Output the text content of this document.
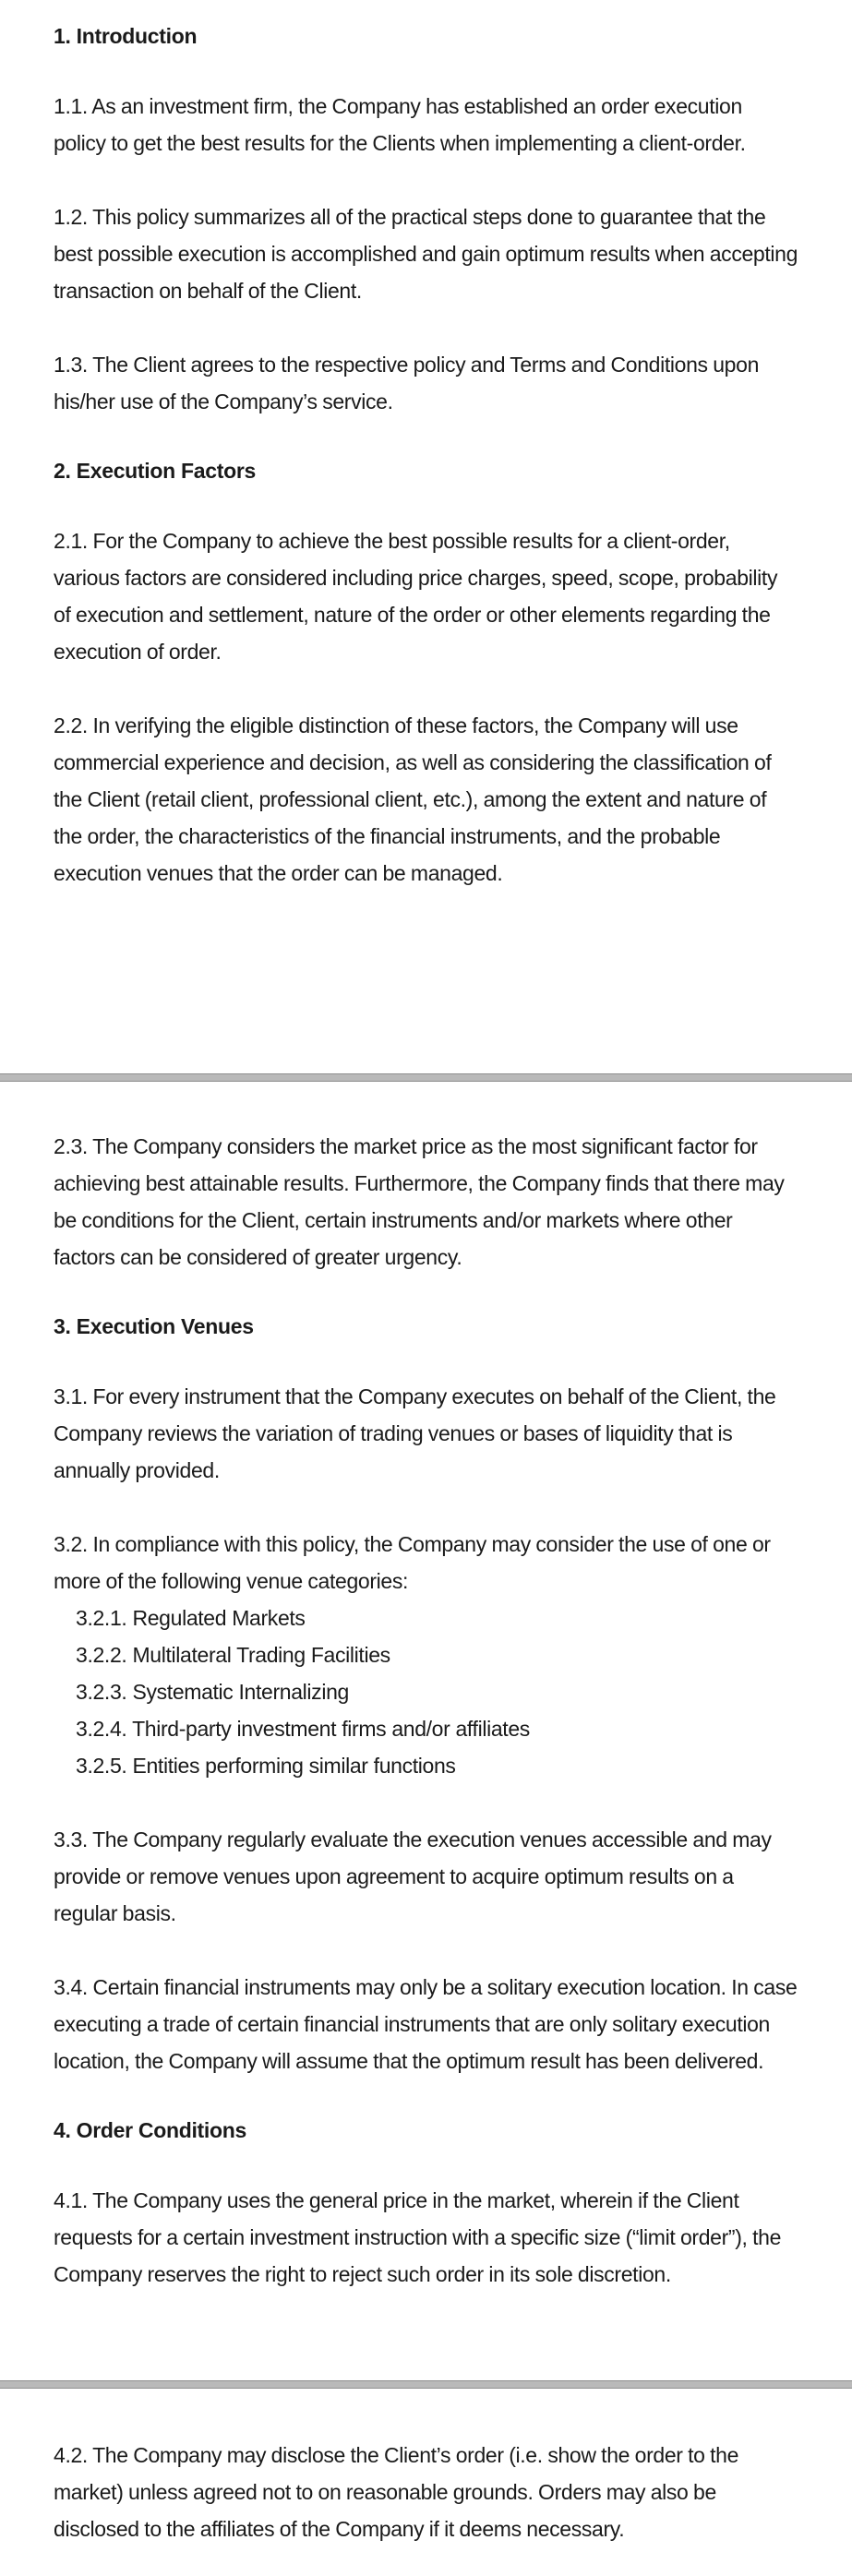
1. Introduction

1.1. As an investment firm, the Company has established an order execution policy to get the best results for the Clients when implementing a client-order.

1.2. This policy summarizes all of the practical steps done to guarantee that the best possible execution is accomplished and gain optimum results when accepting transaction on behalf of the Client.

1.3. The Client agrees to the respective policy and Terms and Conditions upon his/her use of the Company’s service.

2. Execution Factors

2.1. For the Company to achieve the best possible results for a client-order, various factors are considered including price charges, speed, scope, probability of execution and settlement, nature of the order or other elements regarding the execution of order.

2.2. In verifying the eligible distinction of these factors, the Company will use commercial experience and decision, as well as considering the classification of the Client (retail client, professional client, etc.), among the extent and nature of the order, the characteristics of the financial instruments, and the probable execution venues that the order can be managed.

2.3. The Company considers the market price as the most significant factor for achieving best attainable results. Furthermore, the Company finds that there may be conditions for the Client, certain instruments and/or markets where other factors can be considered of greater urgency.

3. Execution Venues

3.1. For every instrument that the Company executes on behalf of the Client, the Company reviews the variation of trading venues or bases of liquidity that is annually provided.

3.2. In compliance with this policy, the Company may consider the use of one or more of the following venue categories:

3.2.1. Regulated Markets
3.2.2. Multilateral Trading Facilities
3.2.3. Systematic Internalizing
3.2.4. Third-party investment firms and/or affiliates
3.2.5. Entities performing similar functions

3.3. The Company regularly evaluate the execution venues accessible and may provide or remove venues upon agreement to acquire optimum results on a regular basis.

3.4. Certain financial instruments may only be a solitary execution location. In case executing a trade of certain financial instruments that are only solitary execution location, the Company will assume that the optimum result has been delivered.

4. Order Conditions

4.1. The Company uses the general price in the market, wherein if the Client requests for a certain investment instruction with a specific size (“limit order”), the Company reserves the right to reject such order in its sole discretion.

4.2. The Company may disclose the Client’s order (i.e. show the order to the market) unless agreed not to on reasonable grounds. Orders may also be disclosed to the affiliates of the Company if it deems necessary.
